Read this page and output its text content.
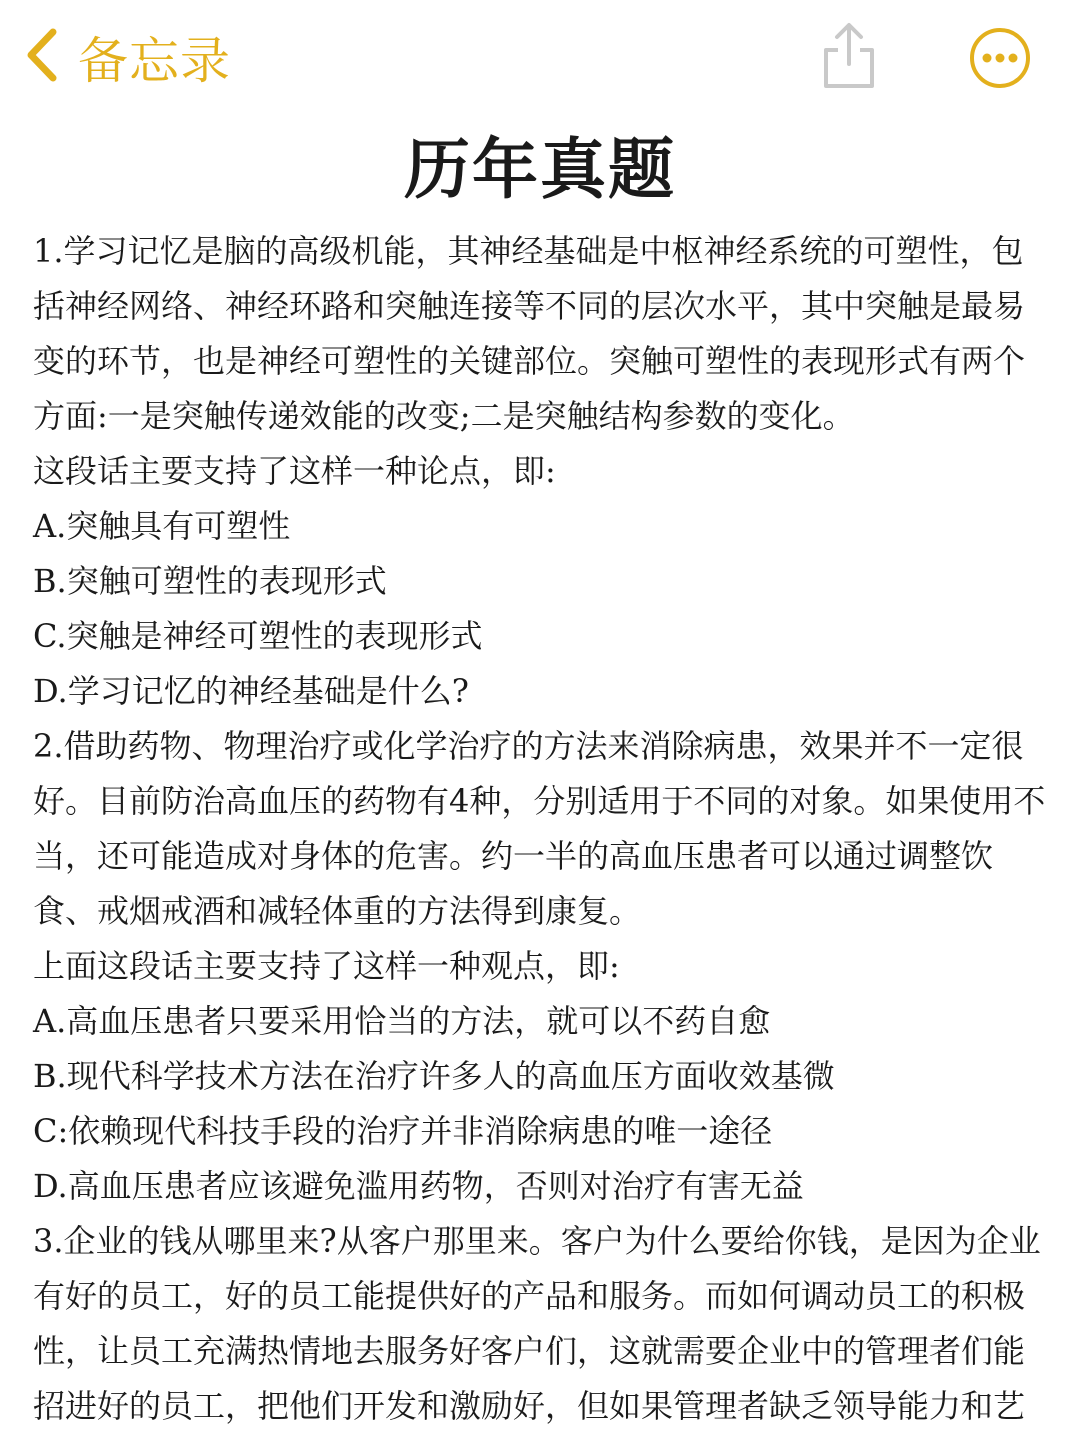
备忘录
历年真题
1.学习记忆是脑的高级机能，其神经基础是中枢神经系统的可塑性，包
括神经网络、神经环路和突触连接等不同的层次水平，其中突触是最易
变的环节，也是神经可塑性的关键部位。突触可塑性的表现形式有两个
方面:一是突触传递效能的改变;二是突触结构参数的变化。
这段话主要支持了这样一种论点，即:
A.突触具有可塑性
B.突触可塑性的表现形式
C.突触是神经可塑性的表现形式
D.学习记忆的神经基础是什么?
2.借助药物、物理治疗或化学治疗的方法来消除病患，效果并不一定很
好。目前防治高血压的药物有4种，分别适用于不同的对象。如果使用不
当，还可能造成对身体的危害。约一半的高血压患者可以通过调整饮
食、戒烟戒酒和减轻体重的方法得到康复。
上面这段话主要支持了这样一种观点，即:
A.高血压患者只要采用恰当的方法，就可以不药自愈
B.现代科学技术方法在治疗许多人的高血压方面收效基微
C:依赖现代科技手段的治疗并非消除病患的唯一途径
D.高血压患者应该避免滥用药物，否则对治疗有害无益
3.企业的钱从哪里来?从客户那里来。客户为什么要给你钱，是因为企业
有好的员工，好的员工能提供好的产品和服务。而如何调动员工的积极
性，让员工充满热情地去服务好客户们，这就需要企业中的管理者们能
招进好的员工，把他们开发和激励好，但如果管理者缺乏领导能力和艺
